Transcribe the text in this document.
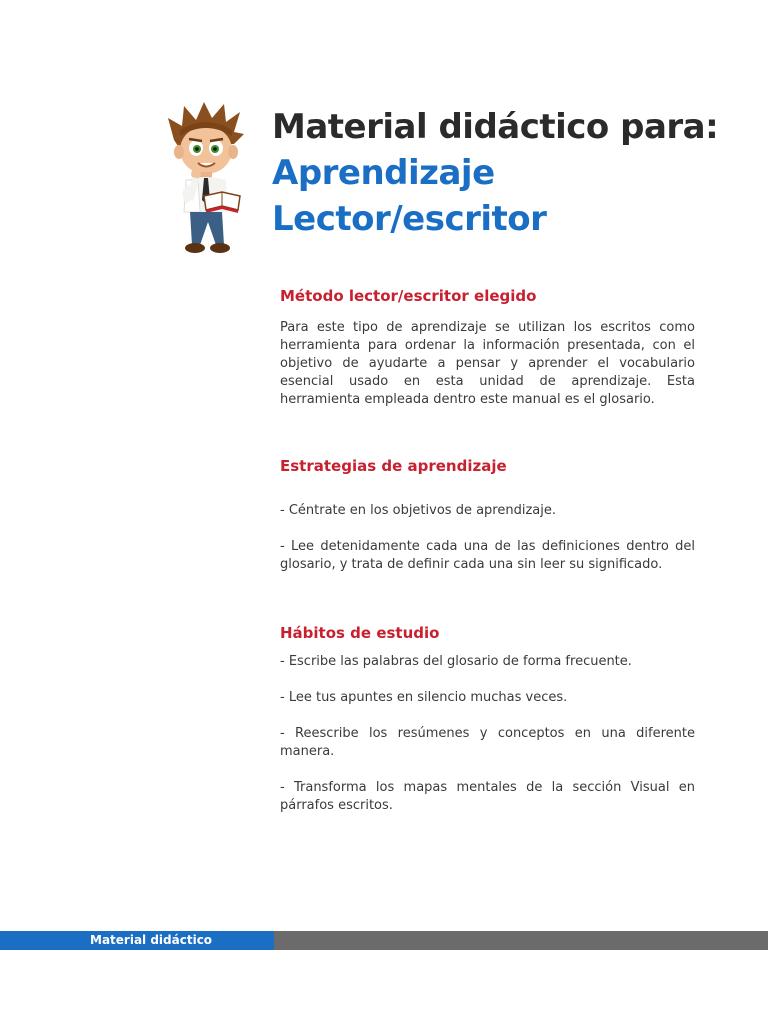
Material didáctico para:

Aprendizaje

Lector/escritor

Método lector/escritor elegido

Para este tipo de aprendizaje se utilizan los escritos como herramienta para ordenar la información presentada, con el objetivo de ayudarte a pensar y aprender el vocabulario esencial usado en esta unidad de aprendizaje. Esta herramienta empleada dentro este manual es el glosario.

Estrategias de aprendizaje

- Céntrate en los objetivos de aprendizaje.

- Lee detenidamente cada una de las definiciones dentro del glosario, y trata de definir cada una sin leer su significado.

Hábitos de estudio

- Escribe las palabras del glosario de forma frecuente.

- Lee tus apuntes en silencio muchas veces.

- Reescribe los resúmenes y conceptos en una diferente manera.

- Transforma los mapas mentales de la sección Visual en párrafos escritos.

Material didáctico
